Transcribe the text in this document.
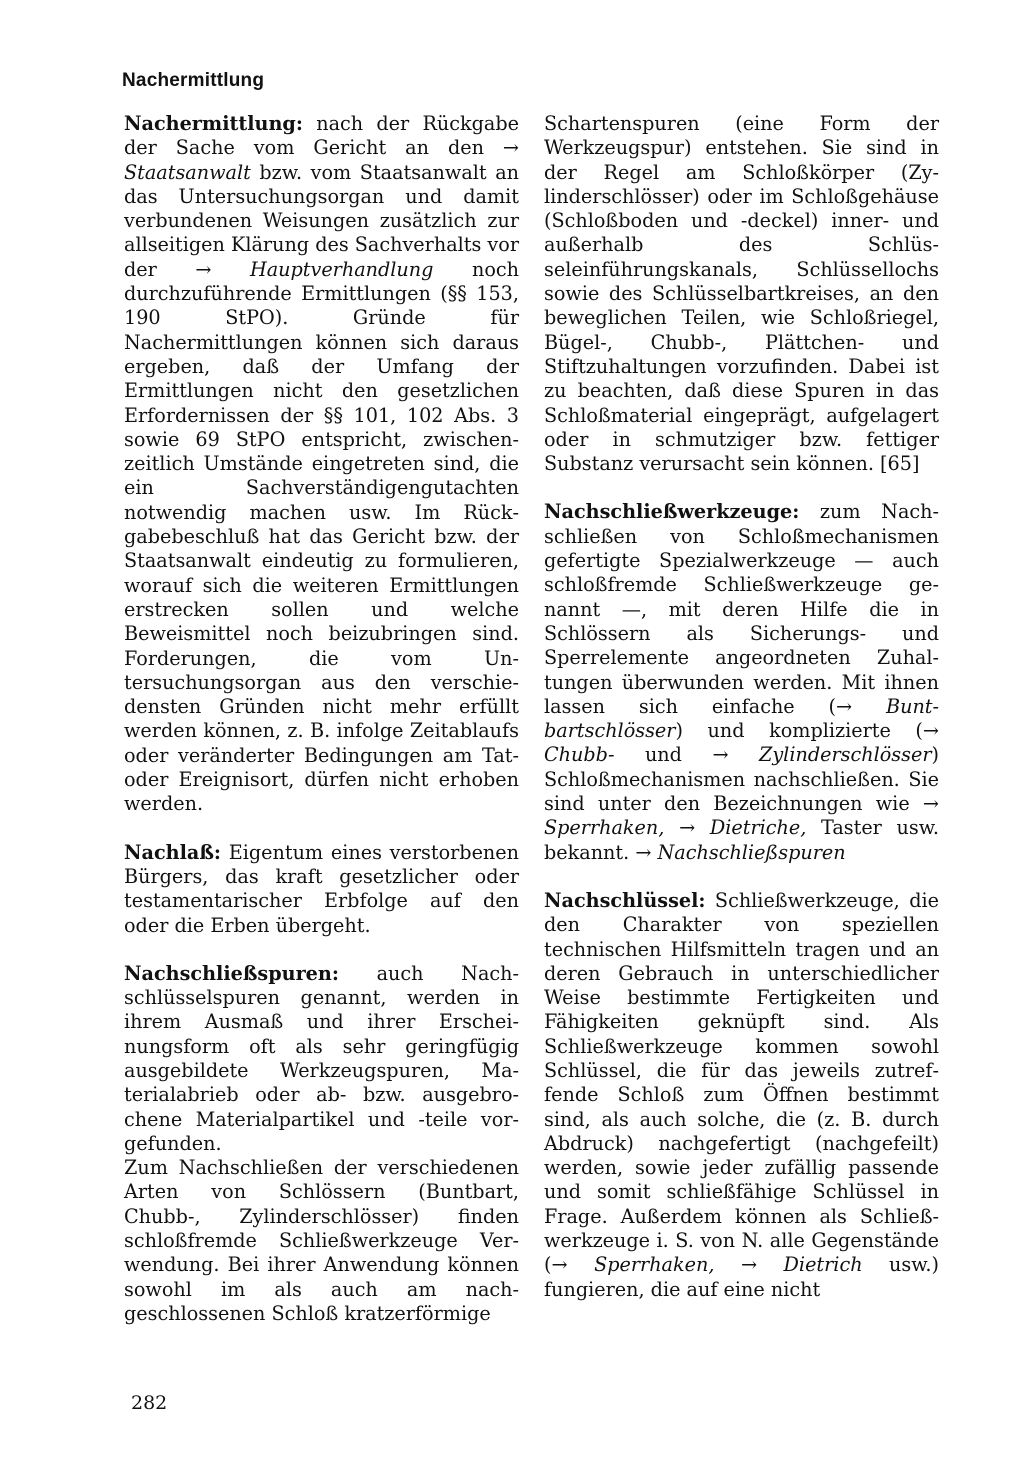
Nachermittlung

Nachermittlung: nach der Rückgabe der Sache vom Gericht an den → Staatsanwalt bzw. vom Staatsanwalt an das Untersuchungsorgan und damit verbundenen Weisungen zusätzlich zur allseitigen Klärung des Sachverhalts vor der → Hauptverhandlung noch durchzuführende Ermittlungen (§§ 153, 190 StPO). Gründe für Nachermittlungen können sich daraus ergeben, daß der Umfang der Ermittlungen nicht den gesetzlichen Erfordernissen der §§ 101, 102 Abs. 3 sowie 69 StPO entspricht, zwischenzeitlich Umstände eingetreten sind, die ein Sachverständigengutachten notwendig machen usw. Im Rückgabebeschluß hat das Gericht bzw. der Staatsanwalt eindeutig zu formulieren, worauf sich die weiteren Ermittlungen erstrecken sollen und welche Beweismittel noch beizubringen sind. Forderungen, die vom Untersuchungsorgan aus den verschiedensten Gründen nicht mehr erfüllt werden können, z. B. infolge Zeitablaufs oder veränderter Bedingungen am Tat- oder Ereignisort, dürfen nicht erhoben werden.

Nachlaß: Eigentum eines verstorbenen Bürgers, das kraft gesetzlicher oder testamentarischer Erbfolge auf den oder die Erben übergeht.

Nachschließspuren: auch Nachschlüsselspuren genannt, werden in ihrem Ausmaß und ihrer Erscheinungsform oft als sehr geringfügig ausgebildete Werkzeugspuren, Materialabrieb oder ab- bzw. ausgebrochene Materialpartikel und -teile vorgefunden.

Zum Nachschließen der verschiedenen Arten von Schlössern (Buntbart, Chubb-, Zylinderschlösser) finden schloßfremde Schließwerkzeuge Verwendung. Bei ihrer Anwendung können sowohl im als auch am nachgeschlossenen Schloß kratzerförmige

Schartenspuren (eine Form der Werkzeugspur) entstehen. Sie sind in der Regel am Schloßkörper (Zylinderschlösser) oder im Schloßgehäuse (Schloßboden und -deckel) inner- und außerhalb des Schlüsseleinführungskanals, Schlüssellochs sowie des Schlüsselbartkreises, an den beweglichen Teilen, wie Schloßriegel, Bügel-, Chubb-, Plättchen- und Stiftzuhaltungen vorzufinden. Dabei ist zu beachten, daß diese Spuren in das Schloßmaterial eingeprägt, aufgelagert oder in schmutziger bzw. fettiger Substanz verursacht sein können. [65]

Nachschließwerkzeuge: zum Nachschließen von Schloßmechanismen gefertigte Spezialwerkzeuge — auch schloßfremde Schließwerkzeuge genannt —, mit deren Hilfe die in Schlössern als Sicherungs- und Sperrelemente angeordneten Zuhaltungen überwunden werden. Mit ihnen lassen sich einfache (→ Buntbartschlösser) und komplizierte (→ Chubb- und → Zylinderschlösser) Schloßmechanismen nachschließen. Sie sind unter den Bezeichnungen wie → Sperrhaken, → Dietriche, Taster usw. bekannt. → Nachschließspuren

Nachschlüssel: Schließwerkzeuge, die den Charakter von speziellen technischen Hilfsmitteln tragen und an deren Gebrauch in unterschiedlicher Weise bestimmte Fertigkeiten und Fähigkeiten geknüpft sind. Als Schließwerkzeuge kommen sowohl Schlüssel, die für das jeweils zutreffende Schloß zum Öffnen bestimmt sind, als auch solche, die (z. B. durch Abdruck) nachgefertigt (nachgefeilt) werden, sowie jeder zufällig passende und somit schließfähige Schlüssel in Frage. Außerdem können als Schließwerkzeuge i. S. von N. alle Gegenstände (→ Sperrhaken, → Dietrich usw.) fungieren, die auf eine nicht

282
